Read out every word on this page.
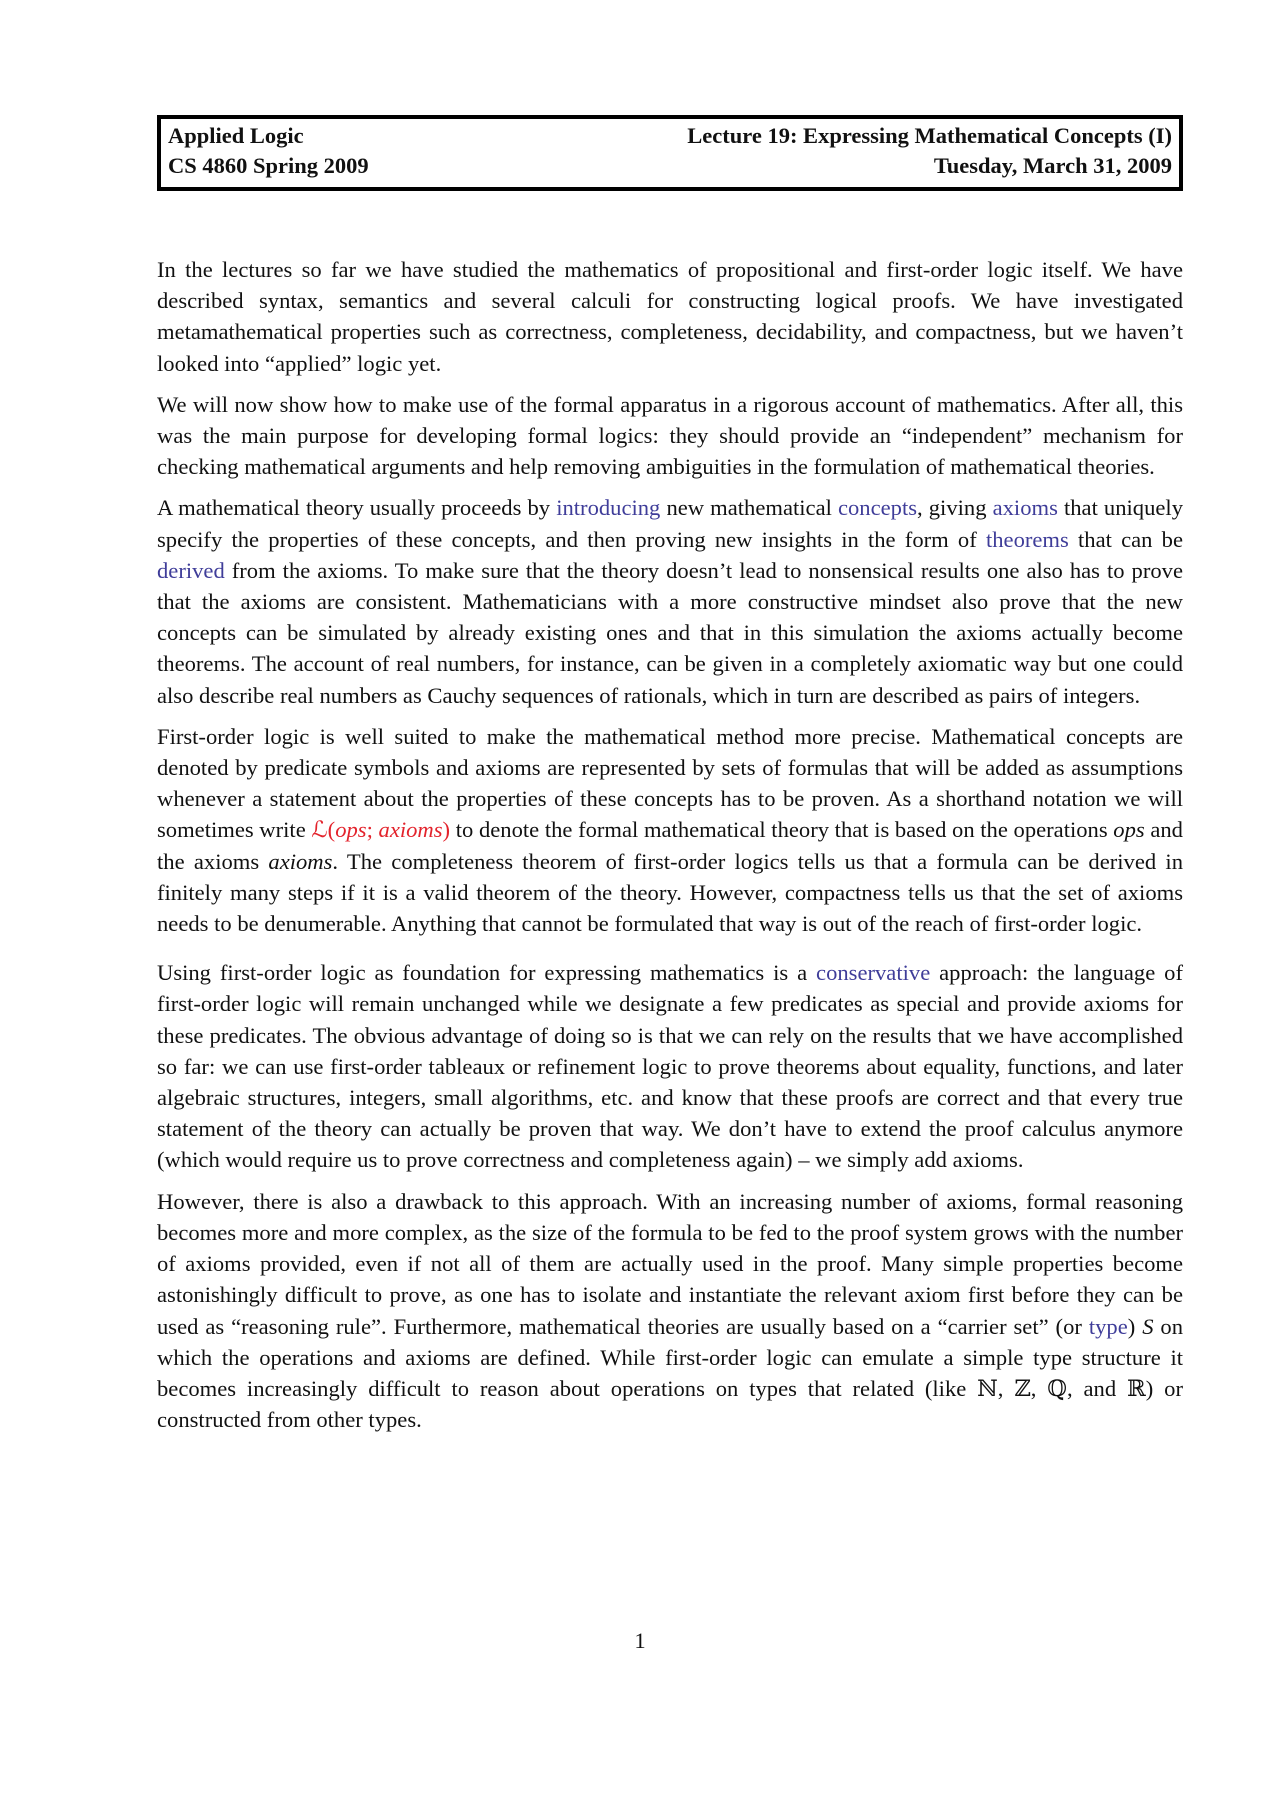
Applied Logic	Lecture 19: Expressing Mathematical Concepts (I)
CS 4860 Spring 2009	Tuesday, March 31, 2009

In the lectures so far we have studied the mathematics of propositional and first-order logic itself. We have described syntax, semantics and several calculi for constructing logical proofs. We have investigated metamathematical properties such as correctness, completeness, decidability, and compactness, but we haven’t looked into “applied” logic yet.

We will now show how to make use of the formal apparatus in a rigorous account of mathematics. After all, this was the main purpose for developing formal logics: they should provide an “independent” mechanism for checking mathematical arguments and help removing ambiguities in the formulation of mathematical theories.

A mathematical theory usually proceeds by introducing new mathematical concepts, giving axioms that uniquely specify the properties of these concepts, and then proving new insights in the form of theorems that can be derived from the axioms. To make sure that the theory doesn’t lead to nonsensical results one also has to prove that the axioms are consistent. Mathematicians with a more constructive mindset also prove that the new concepts can be simulated by already existing ones and that in this simulation the axioms actually become theorems. The account of real numbers, for instance, can be given in a completely axiomatic way but one could also describe real numbers as Cauchy sequences of rationals, which in turn are described as pairs of integers.

First-order logic is well suited to make the mathematical method more precise. Mathematical concepts are denoted by predicate symbols and axioms are represented by sets of formulas that will be added as assumptions whenever a statement about the properties of these concepts has to be proven. As a shorthand notation we will sometimes write ℒ(ops; axioms) to denote the formal mathematical theory that is based on the operations ops and the axioms axioms. The completeness theorem of first-order logics tells us that a formula can be derived in finitely many steps if it is a valid theorem of the theory. However, compactness tells us that the set of axioms needs to be denumerable. Anything that cannot be formulated that way is out of the reach of first-order logic.

Using first-order logic as foundation for expressing mathematics is a conservative approach: the language of first-order logic will remain unchanged while we designate a few predicates as special and provide axioms for these predicates. The obvious advantage of doing so is that we can rely on the results that we have accomplished so far: we can use first-order tableaux or refinement logic to prove theorems about equality, functions, and later algebraic structures, integers, small algorithms, etc. and know that these proofs are correct and that every true statement of the theory can actually be proven that way. We don’t have to extend the proof calculus anymore (which would require us to prove correctness and completeness again) – we simply add axioms.

However, there is also a drawback to this approach. With an increasing number of axioms, formal reasoning becomes more and more complex, as the size of the formula to be fed to the proof system grows with the number of axioms provided, even if not all of them are actually used in the proof. Many simple properties become astonishingly difficult to prove, as one has to isolate and instantiate the relevant axiom first before they can be used as “reasoning rule”. Furthermore, mathematical theories are usually based on a “carrier set” (or type) S on which the operations and axioms are defined. While first-order logic can emulate a simple type structure it becomes increasingly difficult to reason about operations on types that related (like ℕ, ℤ, ℚ, and ℝ) or constructed from other types.

1
